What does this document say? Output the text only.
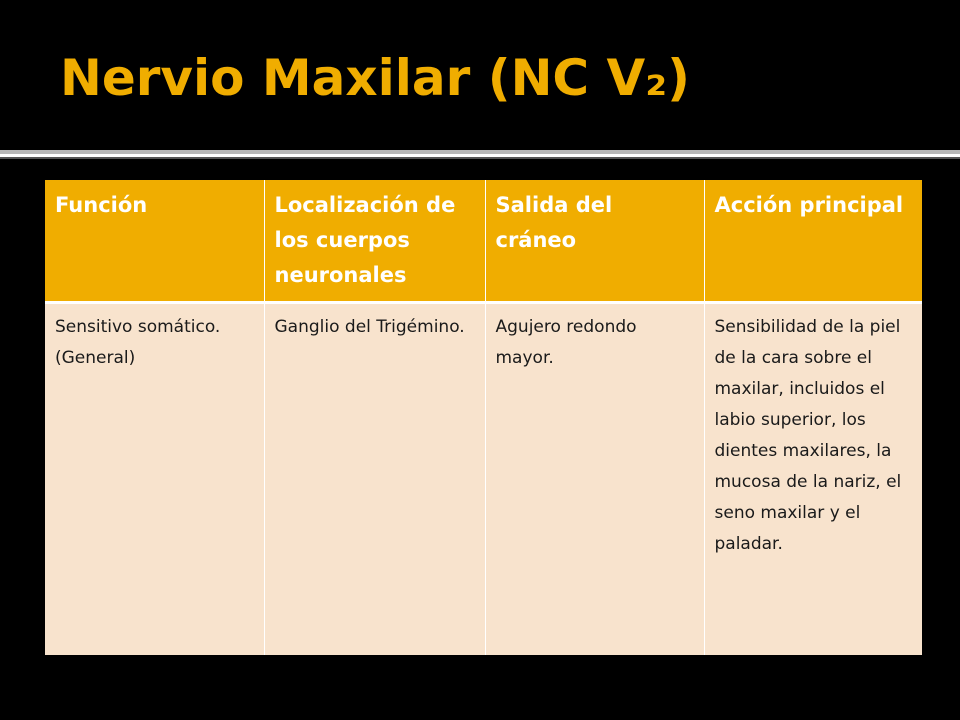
Nervio Maxilar (NC V₂)
Función	Localización de los cuerpos neuronales	Salida del cráneo	Acción principal
Sensitivo somático. (General)	Ganglio del Trigémino.	Agujero redondo mayor.	Sensibilidad de la piel de la cara sobre el maxilar, incluidos el labio superior, los dientes maxilares, la mucosa de la nariz, el seno maxilar y el paladar.
